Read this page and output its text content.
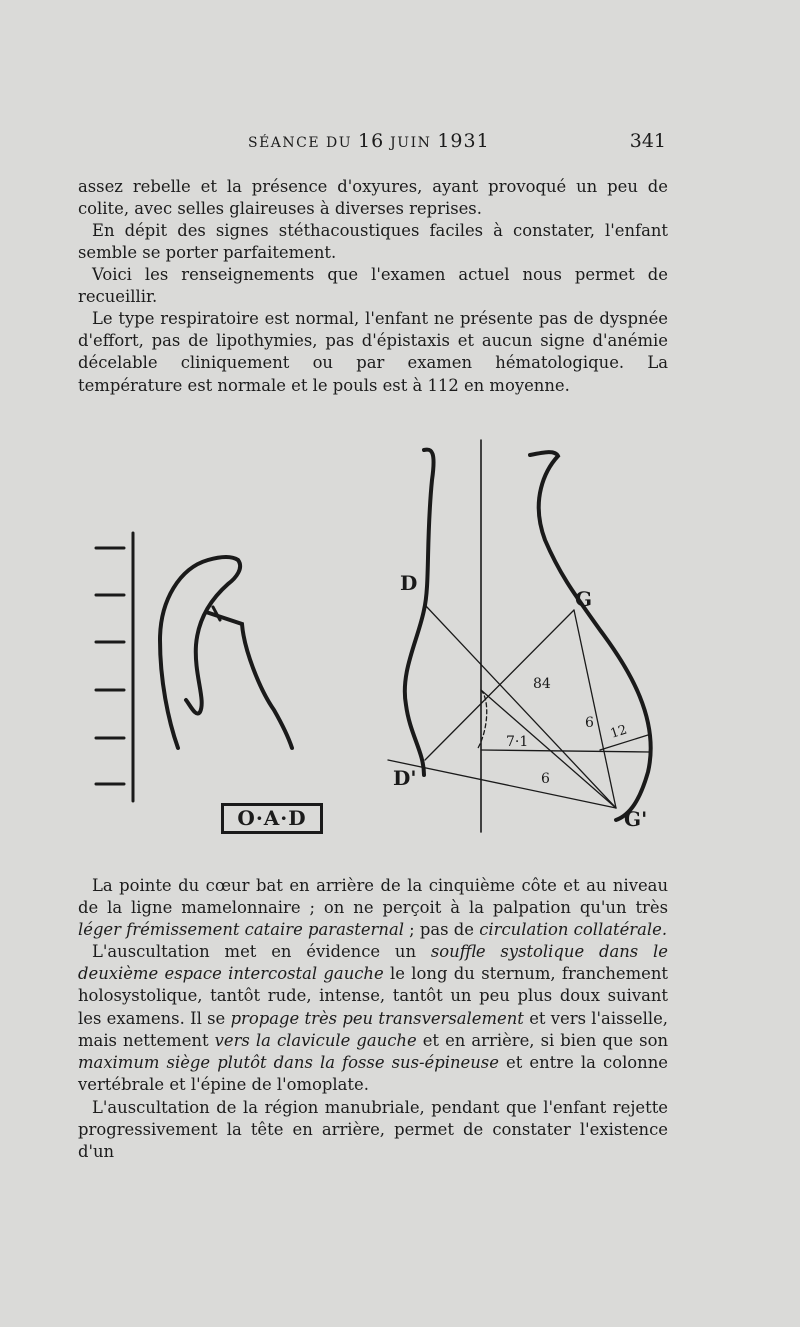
SÉANCE DU 16 JUIN 1931	341
assez rebelle et la présence d'oxyures, ayant provoqué un peu de colite, avec selles glaireuses à diverses reprises.
En dépit des signes stéthacoustiques faciles à constater, l'enfant semble se porter parfaitement.
Voici les renseignements que l'examen actuel nous permet de recueillir.
Le type respiratoire est normal, l'enfant ne présente pas de dyspnée d'effort, pas de lipothymies, pas d'épistaxis et aucun signe d'anémie décelable cliniquement ou par examen hématologique. La température est normale et le pouls est à 112 en moyenne.
D
D'
G
G'
84
6 12
7·1
6
O·A·D
La pointe du cœur bat en arrière de la cinquième côte et au niveau de la ligne mamelonnaire ; on ne perçoit à la palpation qu'un très léger frémissement cataire parasternal ; pas de circulation collatérale.
L'auscultation met en évidence un souffle systolique dans le deuxième espace intercostal gauche le long du sternum, franchement holosystolique, tantôt rude, intense, tantôt un peu plus doux suivant les examens. Il se propage très peu transversalement et vers l'aisselle, mais nettement vers la clavicule gauche et en arrière, si bien que son maximum siège plutôt dans la fosse sus-épineuse et entre la colonne vertébrale et l'épine de l'omoplate.
L'auscultation de la région manubriale, pendant que l'enfant rejette progressivement la tête en arrière, permet de constater l'existence d'un
